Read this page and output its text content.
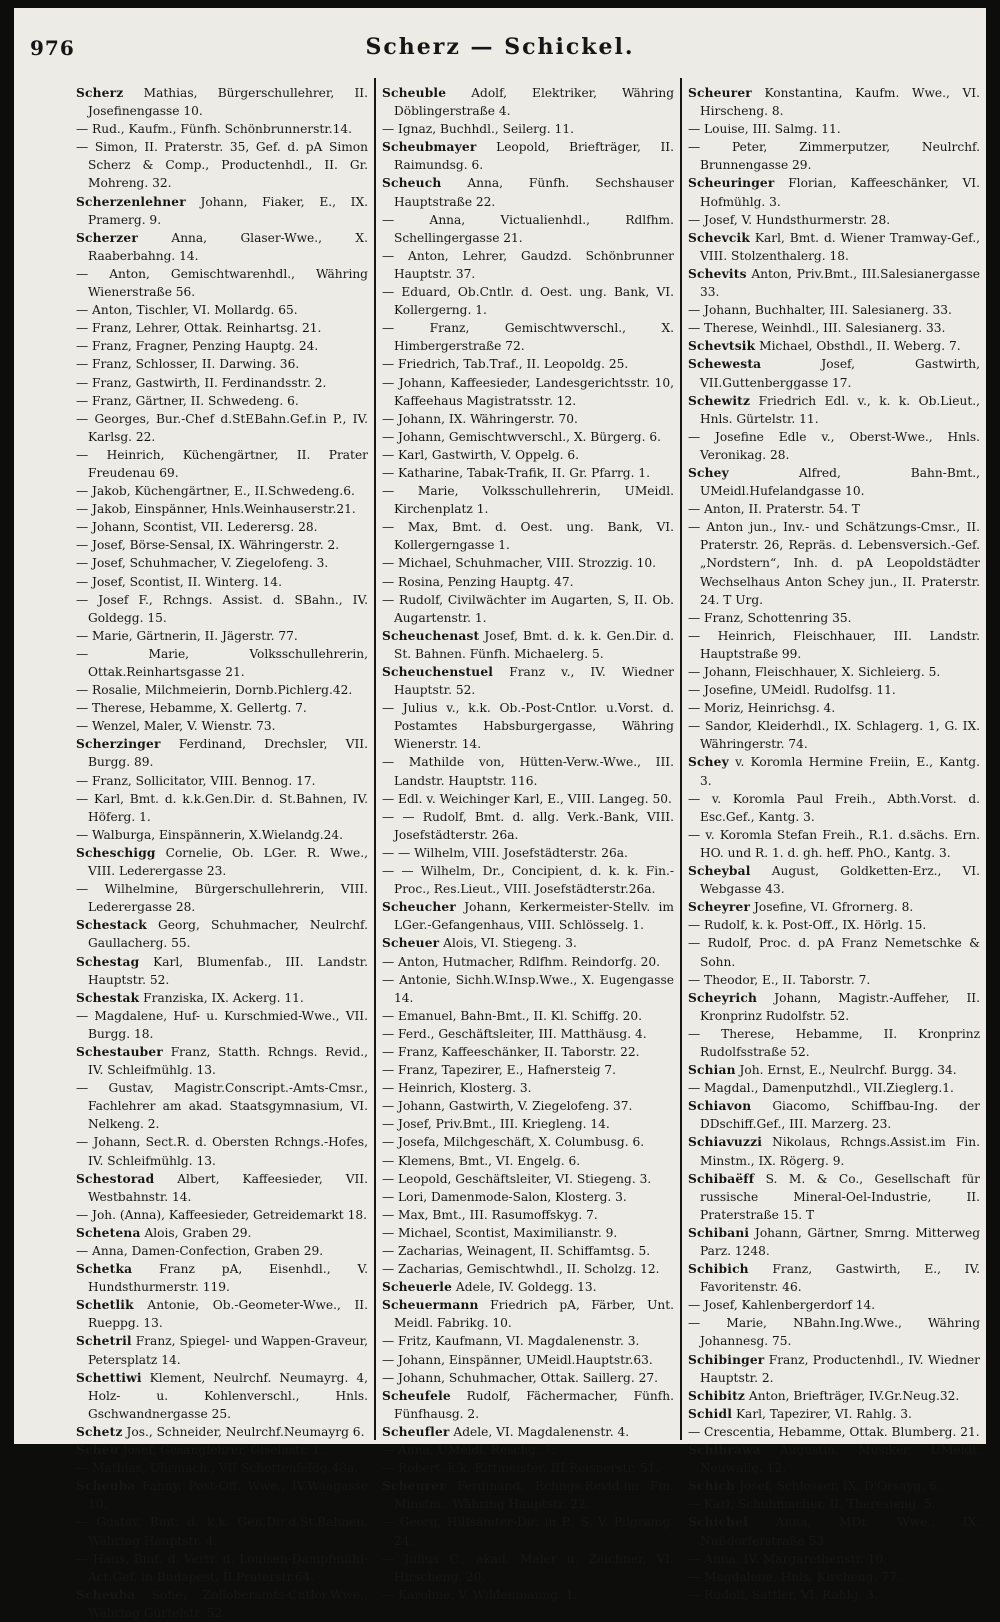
976	Scherz — Schickel.
Scherz Mathias, Bürgerschullehrer, II. Josefinengasse 10.
— Rud., Kaufm., Fünfh. Schönbrunnerstr.14.
— Simon, II. Praterstr. 35, Gef. d. pA Simon Scherz & Comp., Productenhdl., II. Gr. Mohreng. 32.
Scherzenlehner Johann, Fiaker, E., IX. Pramerg. 9.
Scherzer Anna, Glaser-Wwe., X. Raaberbahng. 14.
— Anton, Gemischtwarenhdl., Währing Wienerstraße 56.
— Anton, Tischler, VI. Mollardg. 65.
— Franz, Lehrer, Ottak. Reinhartsg. 21.
— Franz, Fragner, Penzing Hauptg. 24.
— Franz, Schlosser, II. Darwing. 36.
— Franz, Gastwirth, II. Ferdinandsstr. 2.
— Franz, Gärtner, II. Schwedeng. 6.
— Georges, Bur.-Chef d.StEBahn.Gef.in P., IV. Karlsg. 22.
— Heinrich, Küchengärtner, II. Prater Freudenau 69.
— Jakob, Küchengärtner, E., II.Schwedeng.6.
— Jakob, Einspänner, Hnls.Weinhauserstr.21.
— Johann, Scontist, VII. Lederersg. 28.
— Josef, Börse-Sensal, IX. Währingerstr. 2.
— Josef, Schuhmacher, V. Ziegelofeng. 3.
— Josef, Scontist, II. Winterg. 14.
— Josef F., Rchngs. Assist. d. SBahn., IV. Goldegg. 15.
— Marie, Gärtnerin, II. Jägerstr. 77.
— Marie, Volksschullehrerin, Ottak.Reinhartsgasse 21.
— Rosalie, Milchmeierin, Dornb.Pichlerg.42.
— Therese, Hebamme, X. Gellertg. 7.
— Wenzel, Maler, V. Wienstr. 73.
Scherzinger Ferdinand, Drechsler, VII. Burgg. 89.
— Franz, Sollicitator, VIII. Bennog. 17.
— Karl, Bmt. d. k.k.Gen.Dir. d. St.Bahnen, IV. Höferg. 1.
— Walburga, Einspännerin, X.Wielandg.24.
Scheschigg Cornelie, Ob. LGer. R. Wwe., VIII. Lederergasse 23.
— Wilhelmine, Bürgerschullehrerin, VIII. Lederergasse 28.
Schestack Georg, Schuhmacher, Neulrchf. Gaullacherg. 55.
Schestag Karl, Blumenfab., III. Landstr. Hauptstr. 52.
Schestak Franziska, IX. Ackerg. 11.
— Magdalene, Huf- u. Kurschmied-Wwe., VII. Burgg. 18.
Schestauber Franz, Statth. Rchngs. Revid., IV. Schleifmühlg. 13.
— Gustav, Magistr.Conscript.-Amts-Cmsr., Fachlehrer am akad. Staatsgymnasium, VI. Nelkeng. 2.
— Johann, Sect.R. d. Obersten Rchngs.-Hofes, IV. Schleifmühlg. 13.
Schestorad Albert, Kaffeesieder, VII. Westbahnstr. 14.
— Joh. (Anna), Kaffeesieder, Getreidemarkt 18.
Schetena Alois, Graben 29.
— Anna, Damen-Confection, Graben 29.
Schetka Franz pA, Eisenhdl., V. Hundsthurmerstr. 119.
Schetlik Antonie, Ob.-Geometer-Wwe., II. Rueppg. 13.
Schetril Franz, Spiegel- und Wappen-Graveur, Petersplatz 14.
Schettiwi Klement, Neulrchf. Neumayrg. 4, Holz- u. Kohlenverschl., Hnls. Gschwandnergasse 25.
Schetz Jos., Schneider, Neulrchf.Neumayrg 6.
Scheu Josef, Gesanglehrer, Giselastr. 1.
— Mathias, Uhrmach., VII Schottenfeldg.48a.
Scheuba Fanny, Post-Off. Wwe., IV.Waagasse 10.
— Gustav, Bmt. d. k.k. Gen.Dir.d.St.Bahnen, Währing Hauptstr. 4.
— Hans, Bmt. d. Vertr. d. Louisen-Dampfmühl-Act.Gef. in Budapest, II.Praterstr.64.
Scheuba Sofie, Zolloberamts-Cntlor.Wwe., Währing Gürtelstr. 52.
Scheuble Adolf, Elektriker, Währing Döblingerstraße 4.
— Ignaz, Buchhdl., Seilerg. 11.
Scheubmayer Leopold, Briefträger, II. Raimundsg. 6.
Scheuch Anna, Fünfh. Sechshauser Hauptstraße 22.
— Anna, Victualienhdl., Rdlfhm. Schellingergasse 21.
— Anton, Lehrer, Gaudzd. Schönbrunner Hauptstr. 37.
— Eduard, Ob.Cntlr. d. Oest. ung. Bank, VI. Kollergerng. 1.
— Franz, Gemischtwverschl., X. Himbergerstraße 72.
— Friedrich, Tab.Traf., II. Leopoldg. 25.
— Johann, Kaffeesieder, Landesgerichtsstr. 10, Kaffeehaus Magistratsstr. 12.
— Johann, IX. Währingerstr. 70.
— Johann, Gemischtwverschl., X. Bürgerg. 6.
— Karl, Gastwirth, V. Oppelg. 6.
— Katharine, Tabak-Trafik, II. Gr. Pfarrg. 1.
— Marie, Volksschullehrerin, UMeidl. Kirchenplatz 1.
— Max, Bmt. d. Oest. ung. Bank, VI. Kollergerngasse 1.
— Michael, Schuhmacher, VIII. Strozzig. 10.
— Rosina, Penzing Hauptg. 47.
— Rudolf, Civilwächter im Augarten, S, II. Ob. Augartenstr. 1.
Scheuchenast Josef, Bmt. d. k. k. Gen.Dir. d. St. Bahnen. Fünfh. Michaelerg. 5.
Scheuchenstuel Franz v., IV. Wiedner Hauptstr. 52.
— Julius v., k.k. Ob.-Post-Cntlor. u.Vorst. d. Postamtes Habsburgergasse, Währing Wienerstr. 14.
— Mathilde von, Hütten-Verw.-Wwe., III. Landstr. Hauptstr. 116.
— Edl. v. Weichinger Karl, E., VIII. Langeg. 50.
— — Rudolf, Bmt. d. allg. Verk.-Bank, VIII. Josefstädterstr. 26a.
— — Wilhelm, VIII. Josefstädterstr. 26a.
— — Wilhelm, Dr., Concipient, d. k. k. Fin.-Proc., Res.Lieut., VIII. Josefstädterstr.26a.
Scheucher Johann, Kerkermeister-Stellv. im LGer.-Gefangenhaus, VIII. Schlösselg. 1.
Scheuer Alois, VI. Stiegeng. 3.
— Anton, Hutmacher, Rdlfhm. Reindorfg. 20.
— Antonie, Sichh.W.Insp.Wwe., X. Eugengasse 14.
— Emanuel, Bahn-Bmt., II. Kl. Schiffg. 20.
— Ferd., Geschäftsleiter, III. Matthäusg. 4.
— Franz, Kaffeeschänker, II. Taborstr. 22.
— Franz, Tapezirer, E., Hafnersteig 7.
— Heinrich, Klosterg. 3.
— Johann, Gastwirth, V. Ziegelofeng. 37.
— Josef, Priv.Bmt., III. Kriegleng. 14.
— Josefa, Milchgeschäft, X. Columbusg. 6.
— Klemens, Bmt., VI. Engelg. 6.
— Leopold, Geschäftsleiter, VI. Stiegeng. 3.
— Lori, Damenmode-Salon, Klosterg. 3.
— Max, Bmt., III. Rasumoffskyg. 7.
— Michael, Scontist, Maximilianstr. 9.
— Zacharias, Weinagent, II. Schiffamtsg. 5.
— Zacharias, Gemischtwhdl., II. Scholzg. 12.
Scheuerle Adele, IV. Goldegg. 13.
Scheuermann Friedrich pA, Färber, Unt. Meidl. Fabrikg. 10.
— Fritz, Kaufmann, VI. Magdalenenstr. 3.
— Johann, Einspänner, UMeidl.Hauptstr.63.
— Johann, Schuhmacher, Ottak. Saillerg. 27.
Scheufele Rudolf, Fächermacher, Fünfh. Fünfhausg. 2.
Scheufler Adele, VI. Magdalenenstr. 4.
— Anna, UMeidl. Reschg. 7.
— Robert, k.k. Rittmeister, III.Reisnerstr. 51.
Scheurer Ferdinand, Rchngs.Revid.im Fin. Minstm., Währing Hauptstr. 22.
— Georg, Hilfsämter-Dir. in P., S, V. Pilgramg. 24.
— Julius C., akad. Maler u. Zeichner, VI. Hirscheng. 20.
— Karoline, V. Wildenmanng. 1.
Scheurer Konstantina, Kaufm. Wwe., VI. Hirscheng. 8.
— Louise, III. Salmg. 11.
— Peter, Zimmerputzer, Neulrchf. Brunnengasse 29.
Scheuringer Florian, Kaffeeschänker, VI. Hofmühlg. 3.
— Josef, V. Hundsthurmerstr. 28.
Schevcik Karl, Bmt. d. Wiener Tramway-Gef., VIII. Stolzenthalerg. 18.
Schevits Anton, Priv.Bmt., III.Salesianergasse 33.
— Johann, Buchhalter, III. Salesianerg. 33.
— Therese, Weinhdl., III. Salesianerg. 33.
Schevtsik Michael, Obsthdl., II. Weberg. 7.
Schewesta Josef, Gastwirth, VII.Guttenberggasse 17.
Schewitz Friedrich Edl. v., k. k. Ob.Lieut., Hnls. Gürtelstr. 11.
— Josefine Edle v., Oberst-Wwe., Hnls. Veronikag. 28.
Schey Alfred, Bahn-Bmt., UMeidl.Hufelandgasse 10.
— Anton, II. Praterstr. 54. T
— Anton jun., Inv.- und Schätzungs-Cmsr., II. Praterstr. 26, Repräs. d. Lebensversich.-Gef. „Nordstern“, Inh. d. pA Leopoldstädter Wechselhaus Anton Schey jun., II. Praterstr. 24. T Urg.
— Franz, Schottenring 35.
— Heinrich, Fleischhauer, III. Landstr. Hauptstraße 99.
— Johann, Fleischhauer, X. Sichleierg. 5.
— Josefine, UMeidl. Rudolfsg. 11.
— Moriz, Heinrichsg. 4.
— Sandor, Kleiderhdl., IX. Schlagerg. 1, G. IX. Währingerstr. 74.
Schey v. Koromla Hermine Freiin, E., Kantg. 3.
— v. Koromla Paul Freih., Abth.Vorst. d. Esc.Gef., Kantg. 3.
— v. Koromla Stefan Freih., R.1. d.sächs. Ern. HO. und R. 1. d. gh. heff. PhO., Kantg. 3.
Scheybal August, Goldketten-Erz., VI. Webgasse 43.
Scheyrer Josefine, VI. Gfrornerg. 8.
— Rudolf, k. k. Post-Off., IX. Hörlg. 15.
— Rudolf, Proc. d. pA Franz Nemetschke & Sohn.
— Theodor, E., II. Taborstr. 7.
Scheyrich Johann, Magistr.-Auffeher, II. Kronprinz Rudolfstr. 52.
— Therese, Hebamme, II. Kronprinz Rudolfsstraße 52.
Schian Joh. Ernst, E., Neulrchf. Burgg. 34.
— Magdal., Damenputzhdl., VII.Zieglerg.1.
Schiavon Giacomo, Schiffbau-Ing. der DDschiff.Gef., III. Marzerg. 23.
Schiavuzzi Nikolaus, Rchngs.Assist.im Fin. Minstm., IX. Rögerg. 9.
Schibaëff S. M. & Co., Gesellschaft für russische Mineral-Oel-Industrie, II. Praterstraße 15. T
Schibani Johann, Gärtner, Smrng. Mitterweg Parz. 1248.
Schibich Franz, Gastwirth, E., IV. Favoritenstr. 46.
— Josef, Kahlenbergerdorf 14.
— Marie, NBahn.Ing.Wwe., Währing Johannesg. 75.
Schibinger Franz, Productenhdl., IV. Wiedner Hauptstr. 2.
Schibitz Anton, Briefträger, IV.Gr.Neug.32.
Schidl Karl, Tapezirer, VI. Rahlg. 3.
— Crescentia, Hebamme, Ottak. Blumberg. 21.
Schibrawa Augustin, Musiker, UMeidl. Neuwallg. 12.
Schich Josef, Schlosser, IX. D'Orsayg. 6.
— Karl, Schuhmacher, II. Theresieng. 5.
Schichel Anna, MDr. Wwe., IX. Nußdorferstraße 53.
— Anna, IV. Margarethenstr. 10.
— Magdalene, Hnls. Kircheng. 77.
— Rudolf, Sattler, VI. Rahlg. 3.
